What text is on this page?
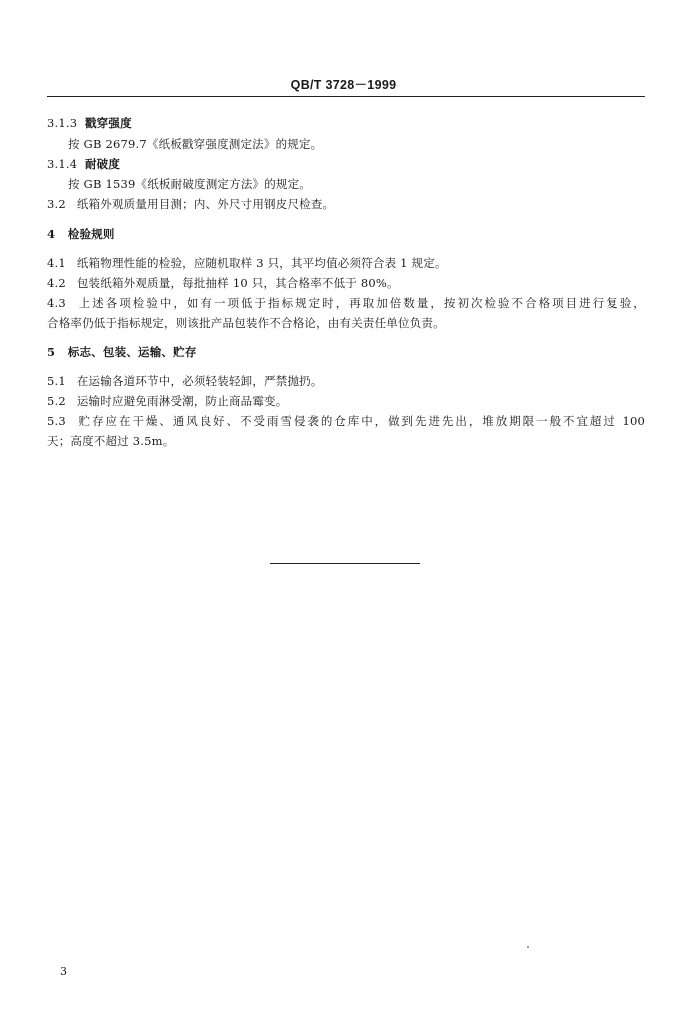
QB/T 3728－1999
3.1.3 戳穿强度
按 GB 2679.7《纸板戳穿强度测定法》的规定。
3.1.4 耐破度
按 GB 1539《纸板耐破度测定方法》的规定。
3.2 纸箱外观质量用目测；内、外尺寸用钢皮尺检查。
4 检验规则
4.1 纸箱物理性能的检验，应随机取样 3 只，其平均值必须符合表 1 规定。
4.2 包装纸箱外观质量，每批抽样 10 只，其合格率不低于 80%。
4.3 上述各项检验中，如有一项低于指标规定时，再取加倍数量，按初次检验不合格项目进行复验，
合格率仍低于指标规定，则该批产品包装作不合格论，由有关责任单位负责。
5 标志、包装、运输、贮存
5.1 在运输各道环节中，必须轻装轻卸，严禁抛扔。
5.2 运输时应避免雨淋受潮，防止商品霉变。
5.3 贮存应在干燥、通风良好、不受雨雪侵袭的仓库中，做到先进先出，堆放期限一般不宜超过 100
天；高度不超过 3.5m。
3
